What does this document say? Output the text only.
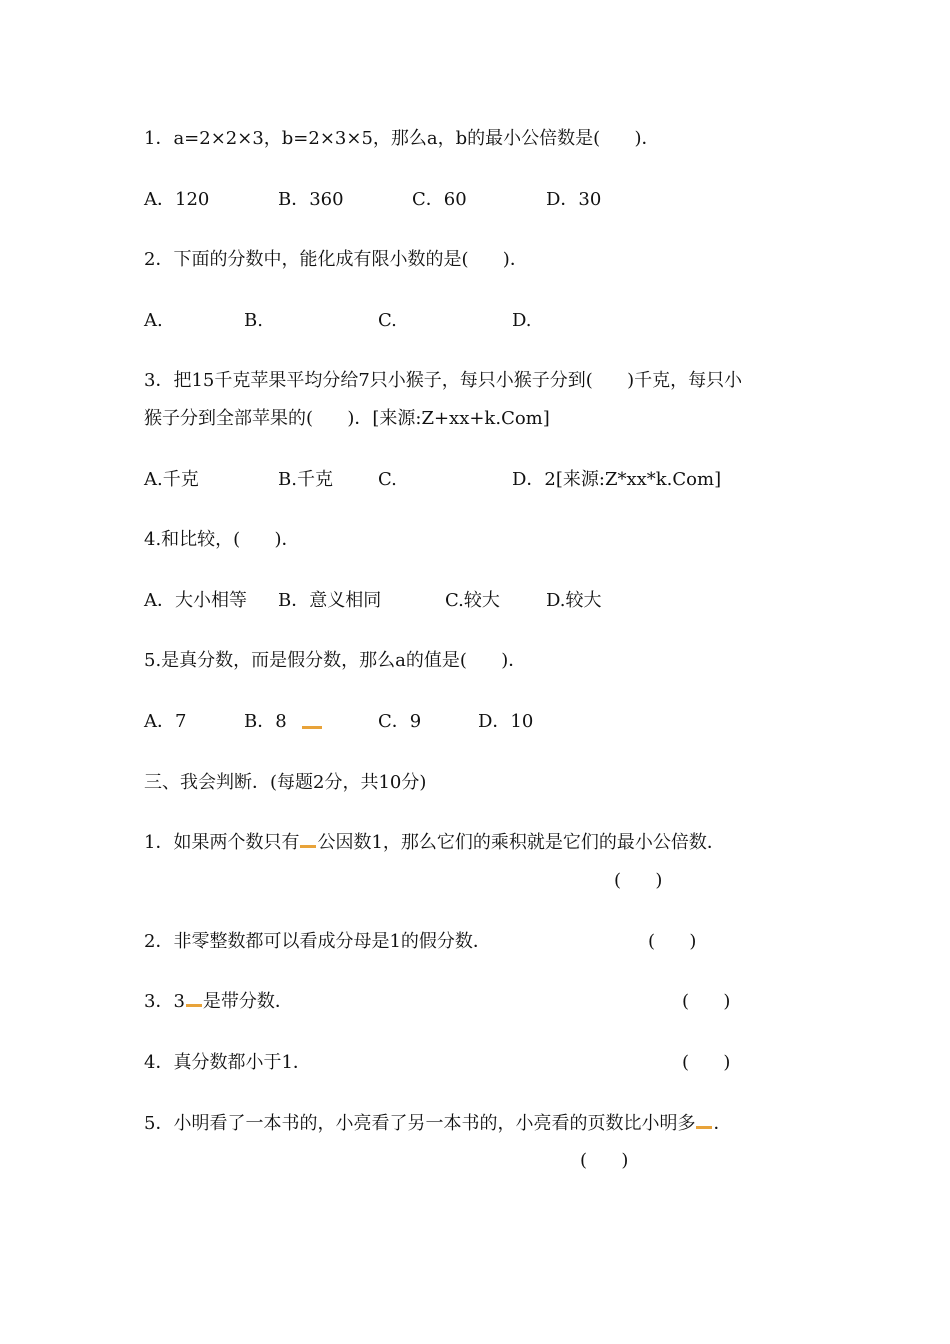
1．a=2×2×3，b=2×3×5，那么a，b的最小公倍数是(      )．
A．120	B．360	C．60	D．30
2．下面的分数中，能化成有限小数的是(      )．
A.	B.	C.	D.
3．把15千克苹果平均分给7只小猴子，每只小猴子分到(      )千克，每只小
猴子分到全部苹果的(      )．[来源:Z+xx+k.Com]
A.千克	B.千克	C.	D．2[来源:Z*xx*k.Com]
4.和比较，(      )．
A．大小相等 B．意义相同	C.较大	D.较大
5.是真分数，而是假分数，那么a的值是(      )．
A．7	B．8	C．9	D．10
三、我会判断．(每题2分，共10分)
1．如果两个数只有 公因数1，那么它们的乘积就是它们的最小公倍数．
(      )
2．非零整数都可以看成分母是1的假分数．	(      )
3．3 是带分数．	(      )
4．真分数都小于1．	(      )
5．小明看了一本书的，小亮看了另一本书的，小亮看的页数比小明多 ．
(      )
